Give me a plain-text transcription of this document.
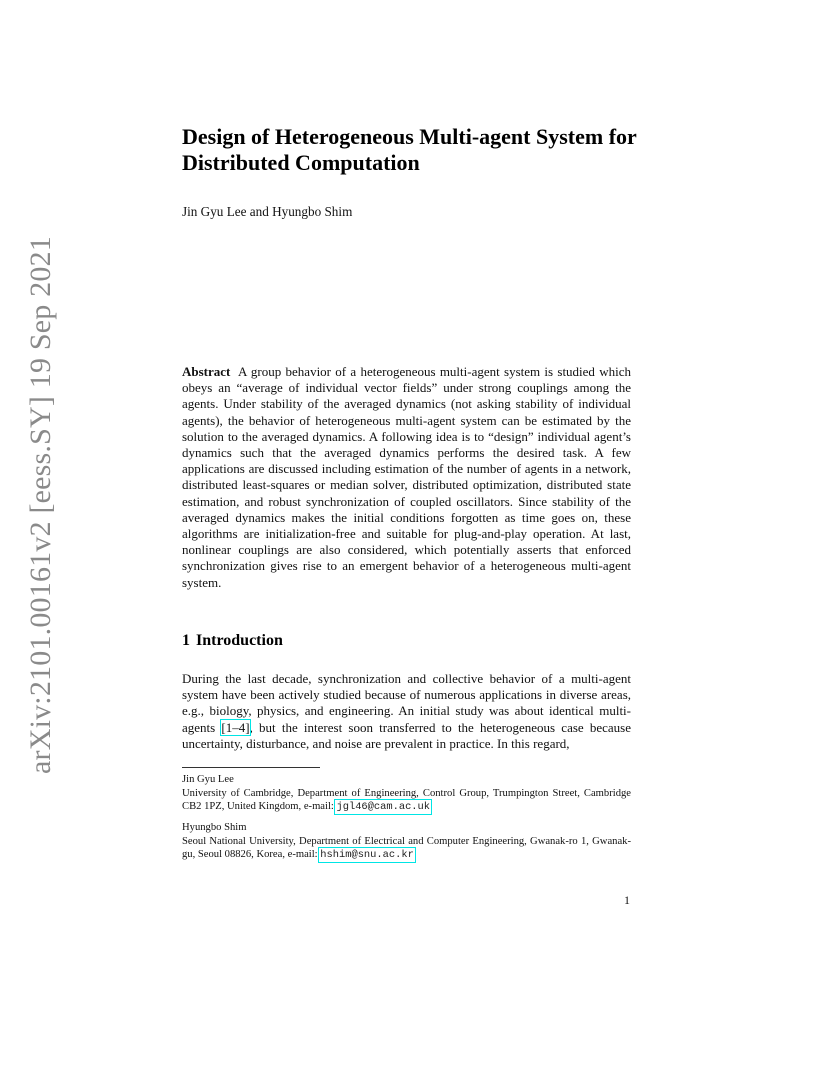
arXiv:2101.00161v2 [eess.SY] 19 Sep 2021
Design of Heterogeneous Multi-agent System for Distributed Computation
Jin Gyu Lee and Hyungbo Shim

Abstract A group behavior of a heterogeneous multi-agent system is studied which obeys an “average of individual vector fields” under strong couplings among the agents. Under stability of the averaged dynamics (not asking stability of individual agents), the behavior of heterogeneous multi-agent system can be estimated by the solution to the averaged dynamics. A following idea is to “design” individual agent’s dynamics such that the averaged dynamics performs the desired task. A few applications are discussed including estimation of the number of agents in a network, distributed least-squares or median solver, distributed optimization, distributed state estimation, and robust synchronization of coupled oscillators. Since stability of the averaged dynamics makes the initial conditions forgotten as time goes on, these algorithms are initialization-free and suitable for plug-and-play operation. At last, nonlinear couplings are also considered, which potentially asserts that enforced synchronization gives rise to an emergent behavior of a heterogeneous multi-agent system.

1 Introduction

During the last decade, synchronization and collective behavior of a multi-agent system have been actively studied because of numerous applications in diverse areas, e.g., biology, physics, and engineering. An initial study was about identical multi-agents [1–4], but the interest soon transferred to the heterogeneous case because uncertainty, disturbance, and noise are prevalent in practice. In this regard,

Jin Gyu Lee
University of Cambridge, Department of Engineering, Control Group, Trumpington Street, Cambridge CB2 1PZ, United Kingdom, e-mail: jgl46@cam.ac.uk

Hyungbo Shim
Seoul National University, Department of Electrical and Computer Engineering, Gwanak-ro 1, Gwanak-gu, Seoul 08826, Korea, e-mail: hshim@snu.ac.kr

1
